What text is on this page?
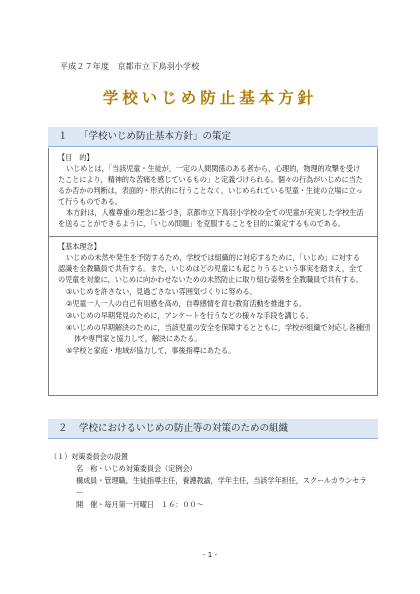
平成２７年度　京都市立下鳥羽小学校
学校いじめ防止基本方針
１ 「学校いじめ防止基本方針」の策定
【目　的】
いじめとは，「当該児童・生徒が，一定の人間関係のある者から，心理的，物理的攻撃を受け
たことにより，精神的な苦痛を感じているもの」と定義づけられる。個々の行為がいじめに当た
るか否かの判断は，表面的・形式的に行うことなく，いじめられている児童・生徒の立場に立っ
て行うものである。
本方針は，人権尊重の理念に基づき，京都市立下鳥羽小学校の全ての児童が充実した学校生活
を送ることができるように，「いじめ問題」を克服することを目的に策定するものである。
【基本理念】
いじめの未然や発生を予防するため，学校では組織的に対応するために，「いじめ」に対する
認識を全教職員で共有する。また，いじめはどの児童にも起こりうるという事実を踏まえ，全て
の児童を対象に，いじめに向かわせないための未然防止に取り組む姿勢を全教職員で共有する。
①いじめを許さない，見過ごさない雰囲気づくりに努める。
②児童一人一人の自己有用感を高め，自尊感情を育む教育活動を推進する。
③いじめの早期発見のために，アンケートを行うなどの様々な手段を講じる。
④いじめの早期解決のために，当該児童の安全を保障するとともに，学校が組織で対応し各種団
体や専門家と協力して，解決にあたる。
⑤学校と家庭・地域が協力して，事後指導にあたる。
２ 学校におけるいじめの防止等の対策のための組織
（１）対策委員会の設置
名　称・いじめ対策委員会（定例会）
構成員・管理職，生徒指導主任，養護教諭，学年主任，当該学年担任，スクールカウンセラ
ー
開　催・毎月第一月曜日　１６：００～
- 1 -
